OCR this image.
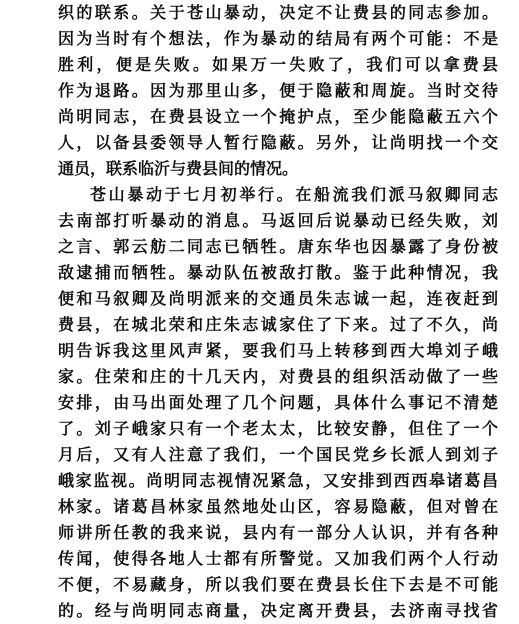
织的联系。关于苍山暴动，决定不让费县的同志参加。
因为当时有个想法，作为暴动的结局有两个可能：不是
胜利，便是失败。如果万一失败了，我们可以拿费县
作为退路。因为那里山多，便于隐蔽和周旋。当时交待
尚明同志，在费县设立一个掩护点，至少能隐蔽五六个
人，以备县委领导人暂行隐蔽。另外，让尚明找一个交
通员，联系临沂与费县间的情况。
苍山暴动于七月初举行。在船流我们派马叙卿同志
去南部打听暴动的消息。马返回后说暴动已经失败，刘
之言、郭云舫二同志已牺牲。唐东华也因暴露了身份被
敌逮捕而牺牲。暴动队伍被敌打散。鉴于此种情况，我
便和马叙卿及尚明派来的交通员朱志诚一起，连夜赶到
费县，在城北荣和庄朱志诚家住了下来。过了不久，尚
明告诉我这里风声紧，要我们马上转移到西大埠刘子峨
家。住荣和庄的十几天内，对费县的组织活动做了一些
安排，由马出面处理了几个问题，具体什么事记不清楚
了。刘子峨家只有一个老太太，比较安静，但住了一个
月后，又有人注意了我们，一个国民党乡长派人到刘子
峨家监视。尚明同志视情况紧急，又安排到西西皋诸葛昌
林家。诸葛昌林家虽然地处山区，容易隐蔽，但对曾在
师讲所任教的我来说，县内有一部分人认识，并有各种
传闻，使得各地人士都有所警觉。又加我们两个人行动
不便，不易藏身，所以我们要在费县长住下去是不可能
的。经与尚明同志商量，决定离开费县，去济南寻找省
